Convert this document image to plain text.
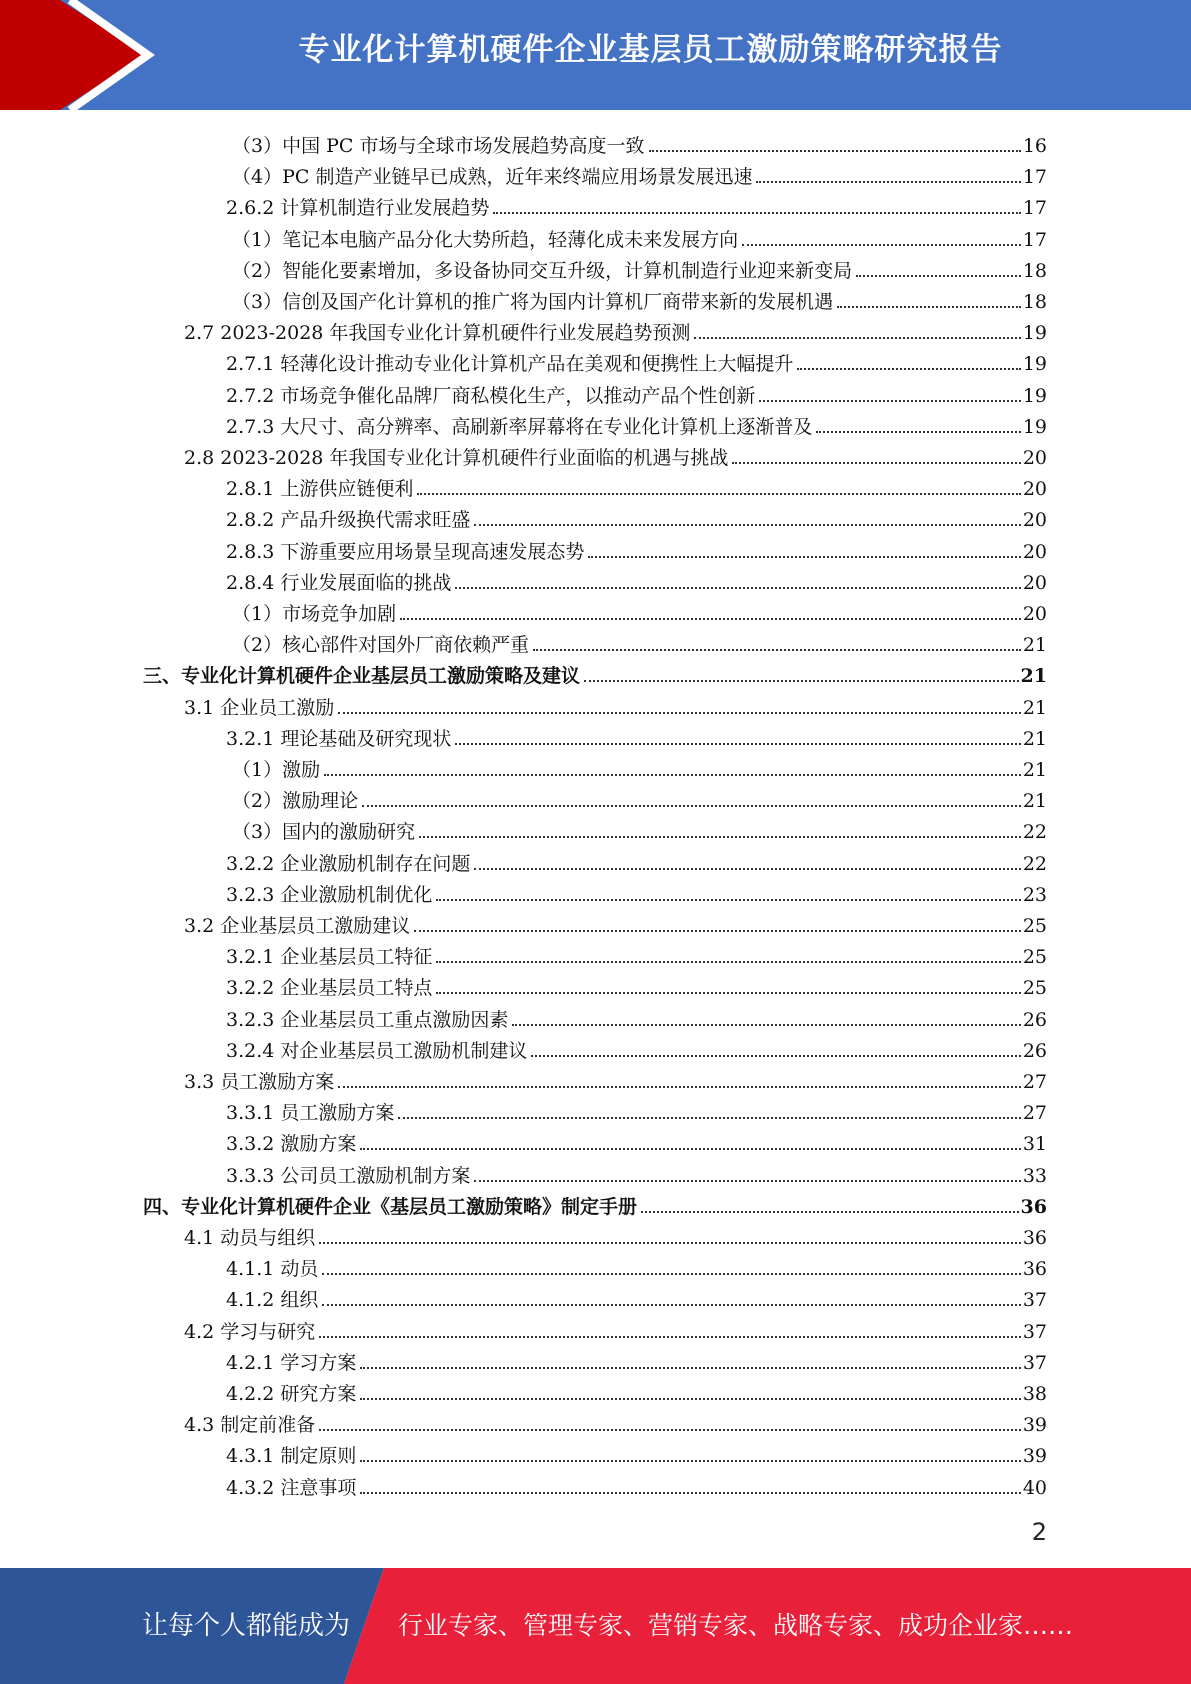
专业化计算机硬件企业基层员工激励策略研究报告
（3）中国 PC 市场与全球市场发展趋势高度一致	16
（4）PC 制造产业链早已成熟，近年来终端应用场景发展迅速	17
2.6.2 计算机制造行业发展趋势	17
（1）笔记本电脑产品分化大势所趋，轻薄化成未来发展方向	17
（2）智能化要素增加，多设备协同交互升级，计算机制造行业迎来新变局	18
（3）信创及国产化计算机的推广将为国内计算机厂商带来新的发展机遇	18
2.7 2023-2028 年我国专业化计算机硬件行业发展趋势预测	19
2.7.1 轻薄化设计推动专业化计算机产品在美观和便携性上大幅提升	19
2.7.2 市场竞争催化品牌厂商私模化生产，以推动产品个性创新	19
2.7.3 大尺寸、高分辨率、高刷新率屏幕将在专业化计算机上逐渐普及	19
2.8 2023-2028 年我国专业化计算机硬件行业面临的机遇与挑战	20
2.8.1 上游供应链便利	20
2.8.2 产品升级换代需求旺盛	20
2.8.3 下游重要应用场景呈现高速发展态势	20
2.8.4 行业发展面临的挑战	20
（1）市场竞争加剧	20
（2）核心部件对国外厂商依赖严重	21
三、专业化计算机硬件企业基层员工激励策略及建议	21
3.1 企业员工激励	21
3.2.1 理论基础及研究现状	21
（1）激励	21
（2）激励理论	21
（3）国内的激励研究	22
3.2.2 企业激励机制存在问题	22
3.2.3 企业激励机制优化	23
3.2 企业基层员工激励建议	25
3.2.1 企业基层员工特征	25
3.2.2 企业基层员工特点	25
3.2.3 企业基层员工重点激励因素	26
3.2.4 对企业基层员工激励机制建议	26
3.3 员工激励方案	27
3.3.1 员工激励方案	27
3.3.2 激励方案	31
3.3.3 公司员工激励机制方案	33
四、专业化计算机硬件企业《基层员工激励策略》制定手册	36
4.1 动员与组织	36
4.1.1 动员	36
4.1.2 组织	37
4.2 学习与研究	37
4.2.1 学习方案	37
4.2.2 研究方案	38
4.3 制定前准备	39
4.3.1 制定原则	39
4.3.2 注意事项	40
2
让每个人都能成为 行业专家、管理专家、营销专家、战略专家、成功企业家……
